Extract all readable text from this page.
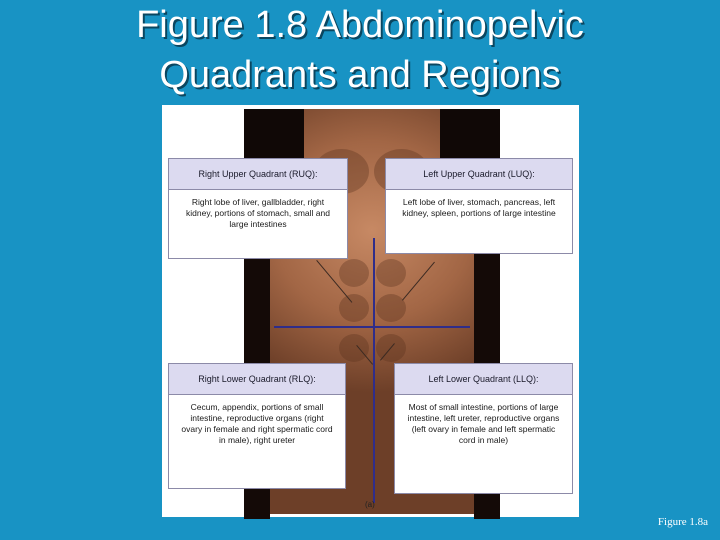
Figure 1.8 Abdominopelvic
Quadrants and Regions
Right Upper Quadrant (RUQ):
Right lobe of liver, gallbladder, right kidney, portions of stomach, small and large intestines
Left Upper Quadrant (LUQ):
Left lobe of liver, stomach, pancreas, left kidney, spleen, portions of large intestine
Right Lower Quadrant (RLQ):
Cecum, appendix, portions of small intestine, reproductive organs (right ovary in female and right spermatic cord in male), right ureter
Left Lower Quadrant (LLQ):
Most of small intestine, portions of large intestine, left ureter, reproductive organs (left ovary in female and left spermatic cord in male)
(a)
Figure 1.8a
